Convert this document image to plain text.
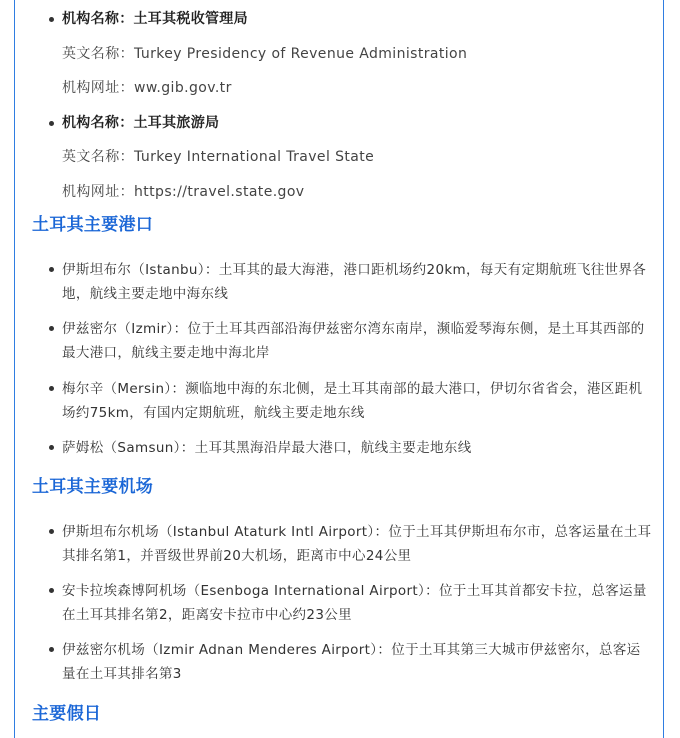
机构名称：土耳其税收管理局
英文名称：Turkey Presidency of Revenue Administration
机构网址：ww.gib.gov.tr
机构名称：土耳其旅游局
英文名称：Turkey International Travel State
机构网址：https://travel.state.gov
土耳其主要港口
伊斯坦布尔（Istanbu）：土耳其的最大海港，港口距机场约20km，每天有定期航班飞往世界各地，航线主要走地中海东线
伊兹密尔（Izmir）：位于土耳其西部沿海伊兹密尔湾东南岸，濒临爱琴海东侧，是土耳其西部的最大港口，航线主要走地中海北岸
梅尔辛（Mersin）：濒临地中海的东北侧，是土耳其南部的最大港口，伊切尔省省会，港区距机场约75km，有国内定期航班，航线主要走地东线
萨姆松（Samsun）：土耳其黑海沿岸最大港口，航线主要走地东线
土耳其主要机场
伊斯坦布尔机场（Istanbul Ataturk Intl Airport）：位于土耳其伊斯坦布尔市，总客运量在土耳其排名第1，并晋级世界前20大机场，距离市中心24公里
安卡拉埃森博阿机场（Esenboga International Airport）：位于土耳其首都安卡拉，总客运量在土耳其排名第2，距离安卡拉市中心约23公里
伊兹密尔机场（Izmir Adnan Menderes Airport）：位于土耳其第三大城市伊兹密尔，总客运量在土耳其排名第3
主要假日
